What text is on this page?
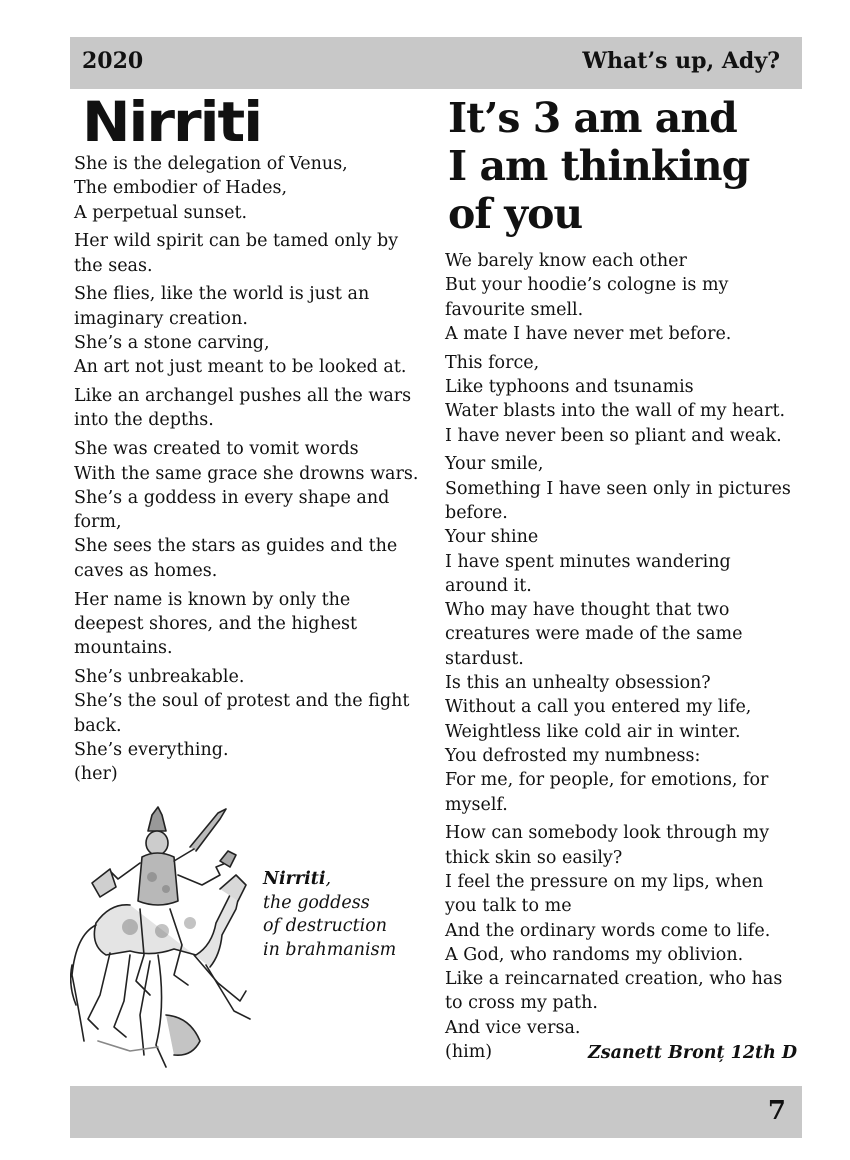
2020	What’s up, Ady?
Nirriti	It’s 3 am and
I am thinking
of you
She is the delegation of Venus,
The embodier of Hades,
A perpetual sunset.
Her wild spirit can be tamed only by
the seas.
She flies, like the world is just an
imaginary creation.
She’s a stone carving,
An art not just meant to be looked at.
Like an archangel pushes all the wars
into the depths.
She was created to vomit words
With the same grace she drowns wars.
She’s a goddess in every shape and
form,
She sees the stars as guides and the
caves as homes.
Her name is known by only the
deepest shores, and the highest
mountains.
She’s unbreakable.
She’s the soul of protest and the fight
back.
She’s everything.
(her)
We barely know each other
But your hoodie’s cologne is my
favourite smell.
A mate I have never met before.
This force,
Like typhoons and tsunamis
Water blasts into the wall of my heart.
I have never been so pliant and weak.
Your smile,
Something I have seen only in pictures
before.
Your shine
I have spent minutes wandering
around it.
Who may have thought that two
creatures were made of the same
stardust.
Is this an unhealty obsession?
Without a call you entered my life,
Weightless like cold air in winter.
You defrosted my numbness:
For me, for people, for emotions, for
myself.
How can somebody look through my
thick skin so easily?
I feel the pressure on my lips, when
you talk to me
And the ordinary words come to life.
A God, who randoms my oblivion.
Like a reincarnated creation, who has
to cross my path.
And vice versa.
(him)	Zsanett Bronț 12th D
Nirriti,
the goddess
of destruction
in brahmanism
7
